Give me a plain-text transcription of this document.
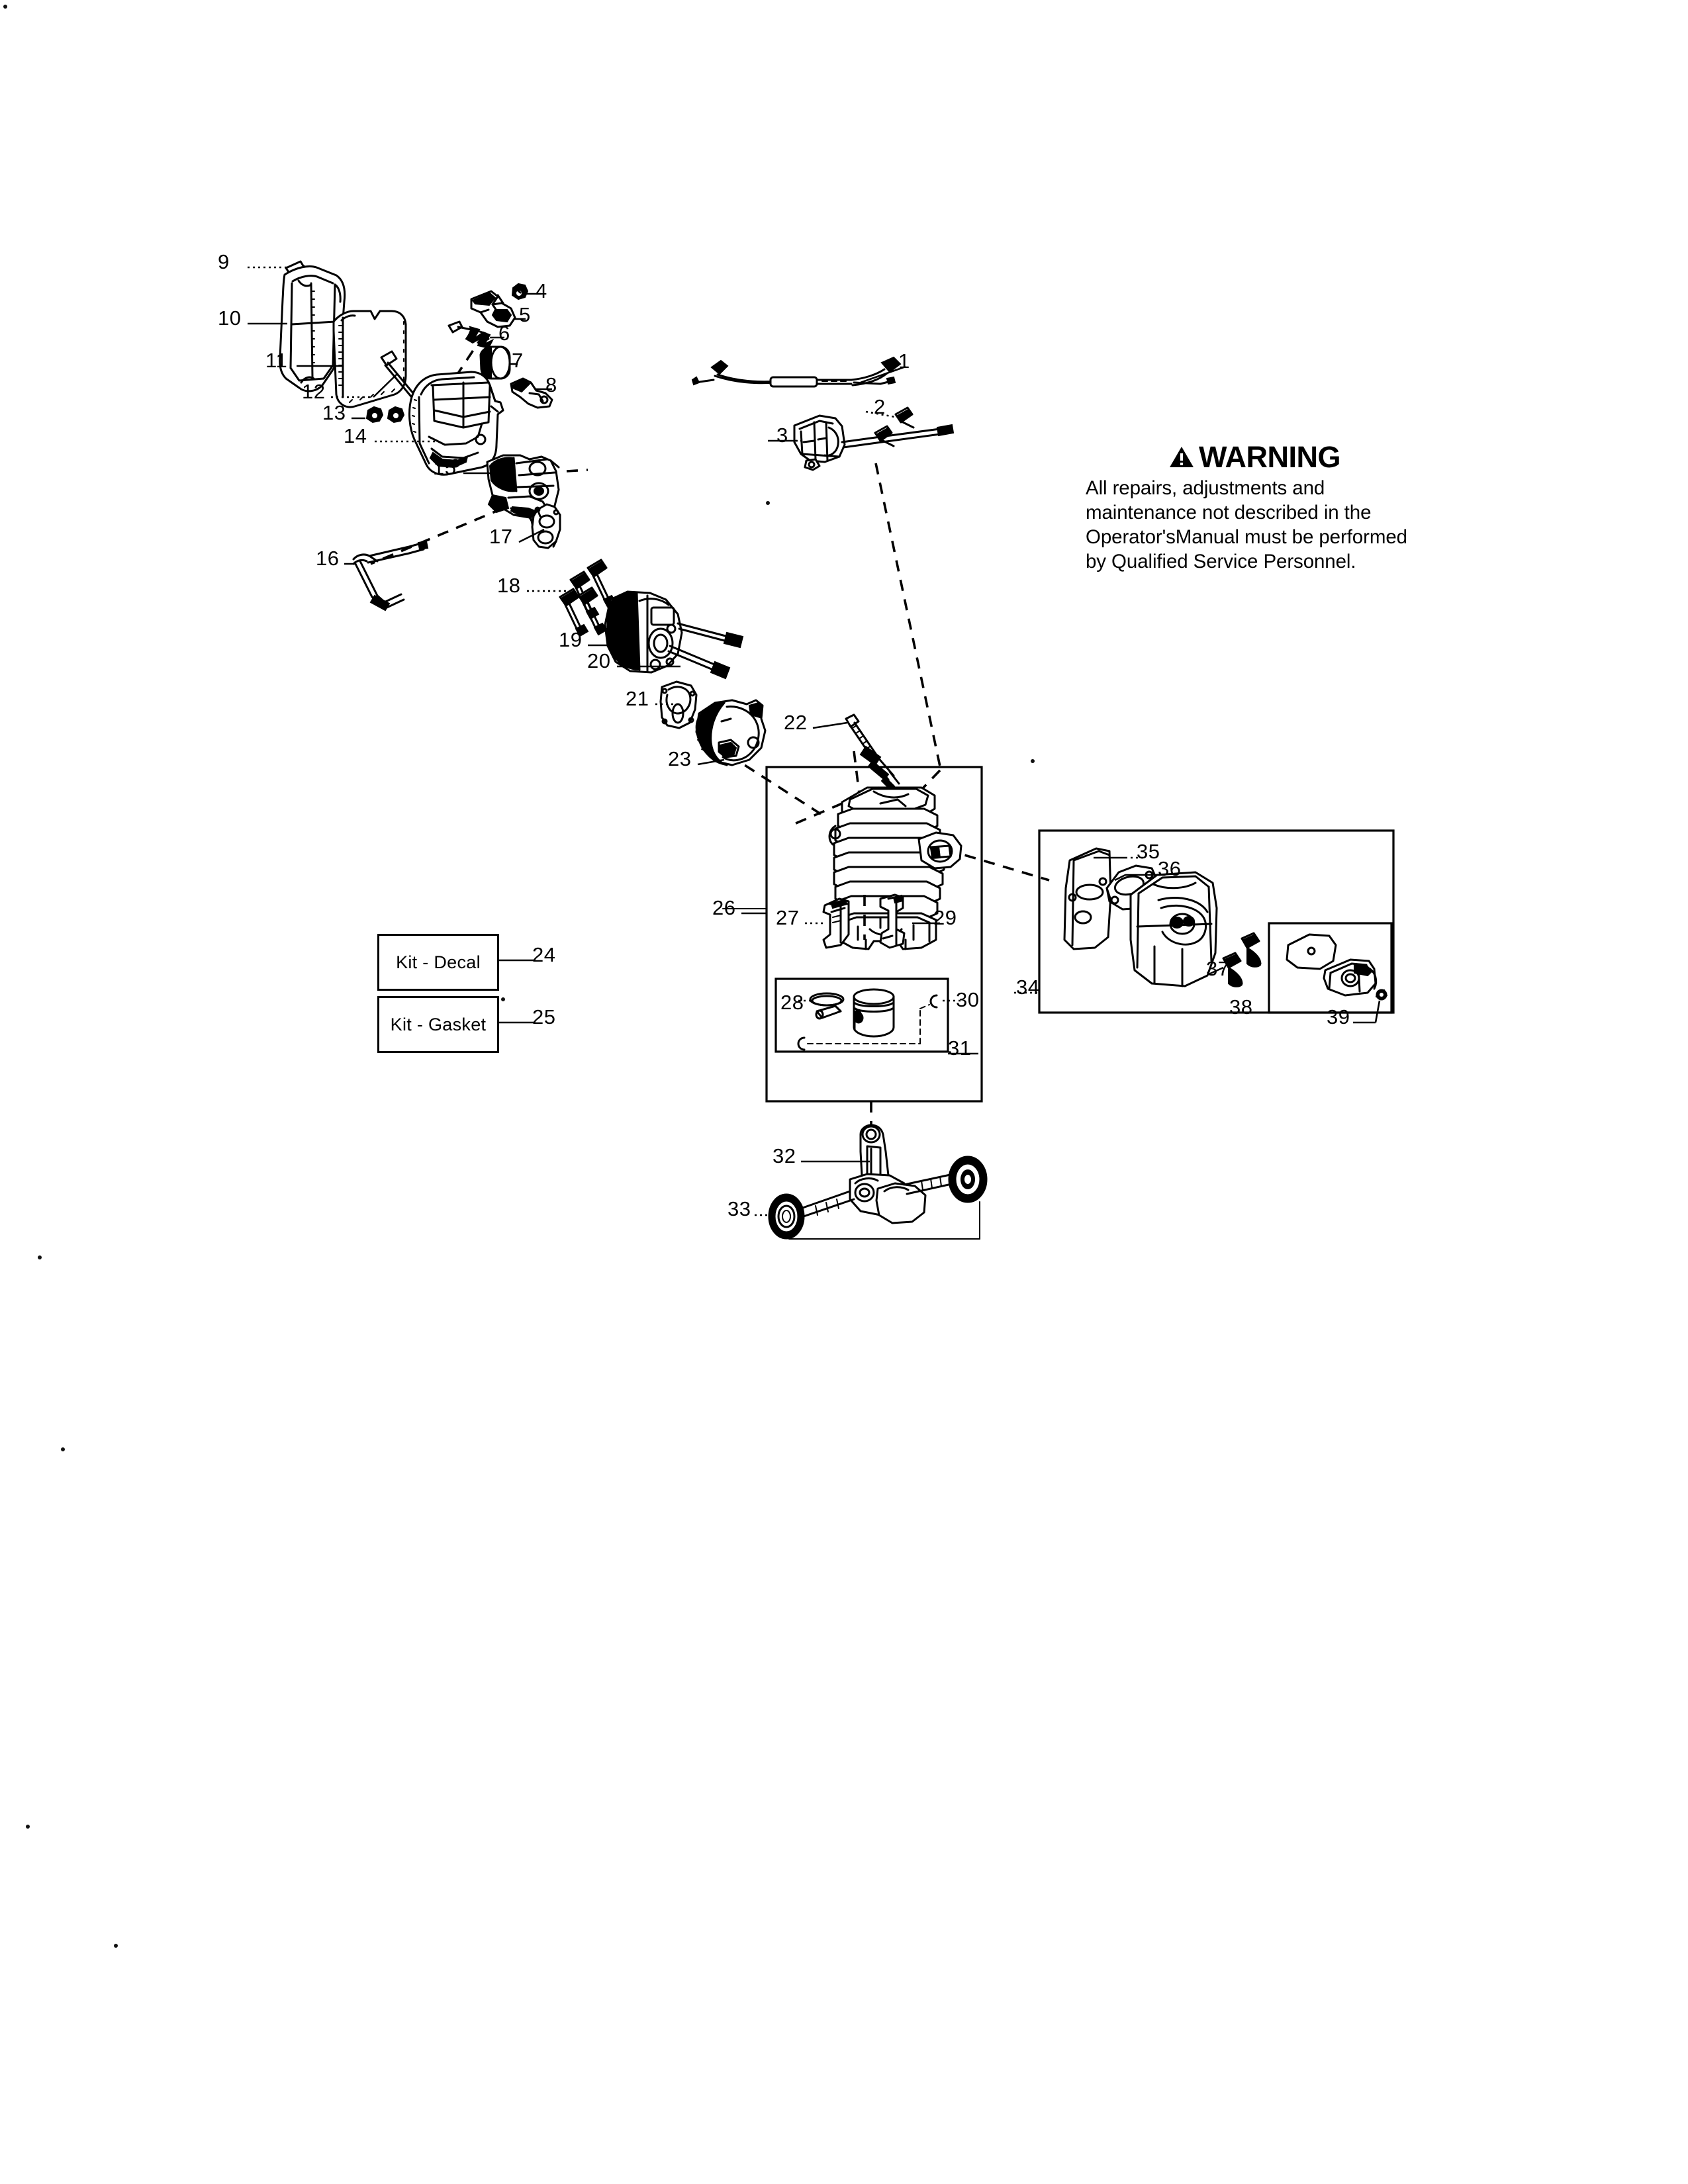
WARNING
All repairs, adjustments and maintenance not described in the Operator'sManual must be performed by Qualified Service Personnel.
Kit - Decal
Kit - Gasket
1
2
3
4
5
6
7
8
9
10
11
12
13
14
15
16
17
18
19
20
21
22
23
24
25
26 27
28
29
30
31
32
33
34
35
36
37
38	39
